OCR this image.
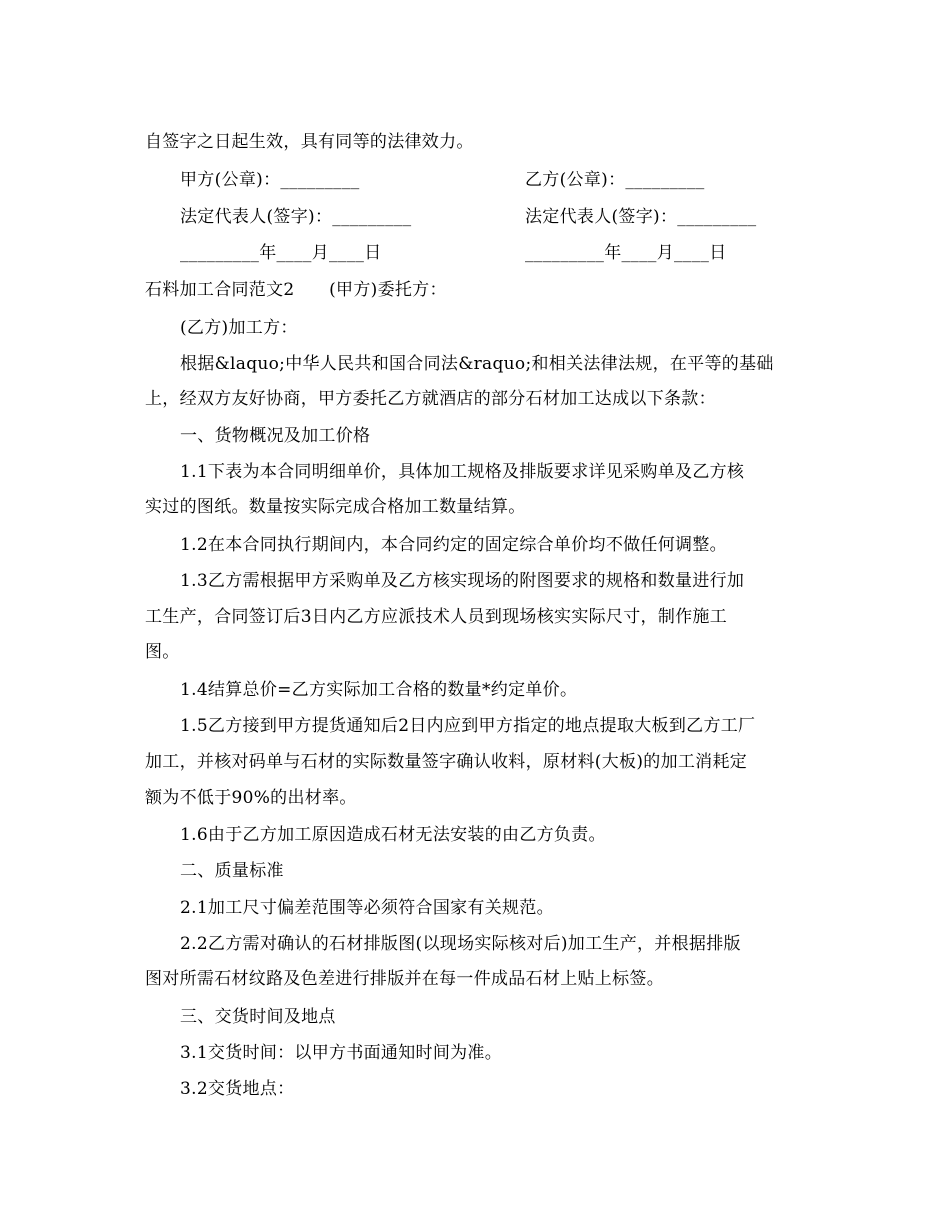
自签字之日起生效，具有同等的法律效力。
甲方(公章)：_________	乙方(公章)：_________
法定代表人(签字)：_________	法定代表人(签字)：_________
_________年____月____日	_________年____月____日
石料加工合同范文2　　(甲方)委托方：
(乙方)加工方：
根据&laquo;中华人民共和国合同法&raquo;和相关法律法规，在平等的基础
上，经双方友好协商，甲方委托乙方就酒店的部分石材加工达成以下条款：
一、货物概况及加工价格
1.1下表为本合同明细单价，具体加工规格及排版要求详见采购单及乙方核
实过的图纸。数量按实际完成合格加工数量结算。
1.2在本合同执行期间内，本合同约定的固定综合单价均不做任何调整。
1.3乙方需根据甲方采购单及乙方核实现场的附图要求的规格和数量进行加
工生产，合同签订后3日内乙方应派技术人员到现场核实实际尺寸，制作施工
图。
1.4结算总价=乙方实际加工合格的数量*约定单价。
1.5乙方接到甲方提货通知后2日内应到甲方指定的地点提取大板到乙方工厂
加工，并核对码单与石材的实际数量签字确认收料，原材料(大板)的加工消耗定
额为不低于90%的出材率。
1.6由于乙方加工原因造成石材无法安装的由乙方负责。
二、质量标准
2.1加工尺寸偏差范围等必须符合国家有关规范。
2.2乙方需对确认的石材排版图(以现场实际核对后)加工生产，并根据排版
图对所需石材纹路及色差进行排版并在每一件成品石材上贴上标签。
三、交货时间及地点
3.1交货时间：以甲方书面通知时间为准。
3.2交货地点：
